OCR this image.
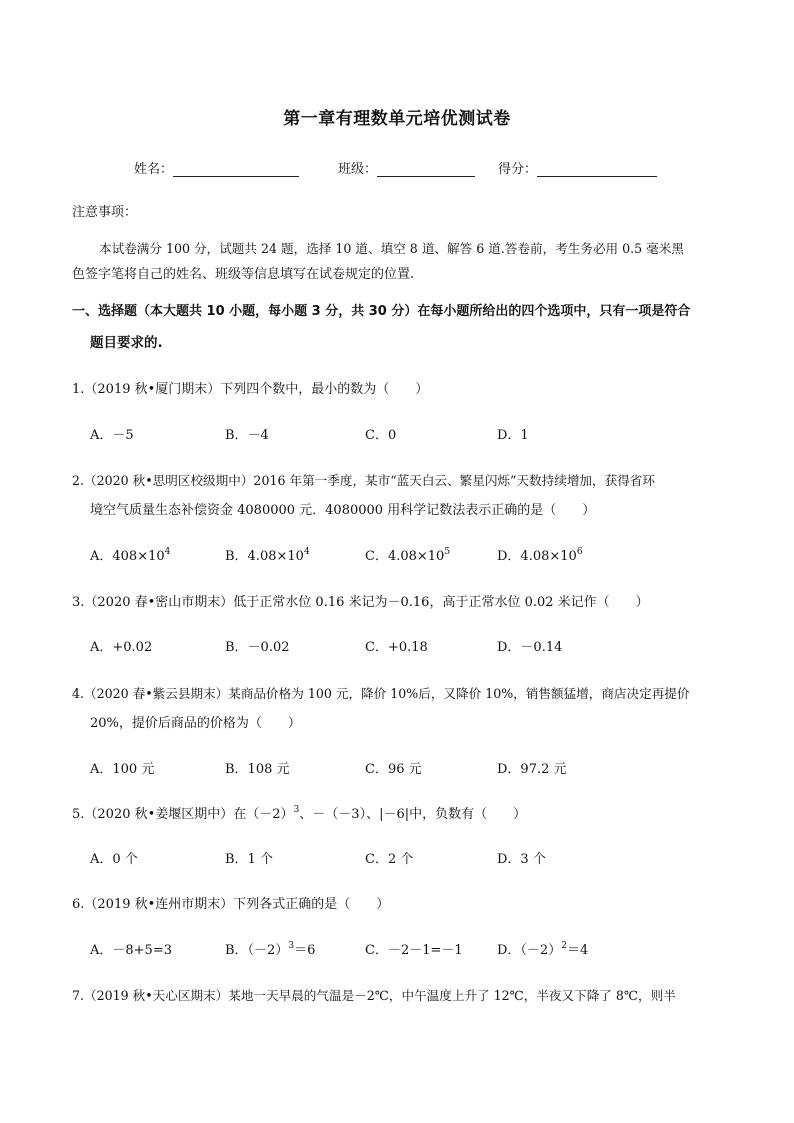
第一章有理数单元培优测试卷
姓名：	班级：	得分：
注意事项：
本试卷满分 100 分，试题共 24 题，选择 10 道、填空 8 道、解答 6 道.答卷前，考生务必用 0.5 毫米黑
色签字笔将自己的姓名、班级等信息填写在试卷规定的位置.
一、选择题（本大题共 10 小题，每小题 3 分，共 30 分）在每小题所给出的四个选项中，只有一项是符合
题目要求的.
1.（2019 秋•厦门期末）下列四个数中，最小的数为（　　）
A．－5	B．－4	C．0	D．1
2.（2020 秋•思明区校级期中）2016 年第一季度，某市“蓝天白云、繁星闪烁”天数持续增加，获得省环
境空气质量生态补偿资金 4080000 元．4080000 用科学记数法表示正确的是（　　）
A．$408\times 10^4$	B．$4.08\times 10^4$	C．$4.08\times 10^5$	D．$4.08\times 10^6$
3.（2020 春•密山市期末）低于正常水位 0.16 米记为－0.16，高于正常水位 0.02 米记作（　　）
A．+0.02	B．－0.02	C．+0.18	D．－0.14
4.（2020 春•紫云县期末）某商品价格为 100 元，降价 10%后，又降价 10%，销售额猛增，商店决定再提价
20%，提价后商品的价格为（　　）
A．100 元	B．108 元	C．96 元	D．97.2 元
5.（2020 秋•姜堰区期中）在$(-2)^3$、－（－3）、|－6|中，负数有（　　）
A．0 个	B．1 个	C．2 个	D．3 个
6.（2019 秋•连州市期末）下列各式正确的是（　　）
A．－8+5=3	B．$(-2)^3=6$	C．－2－1=－1	D．$(-2)^2=4$
7.（2019 秋•天心区期末）某地一天早晨的气温是－2℃，中午温度上升了 12℃，半夜又下降了 8℃，则半
